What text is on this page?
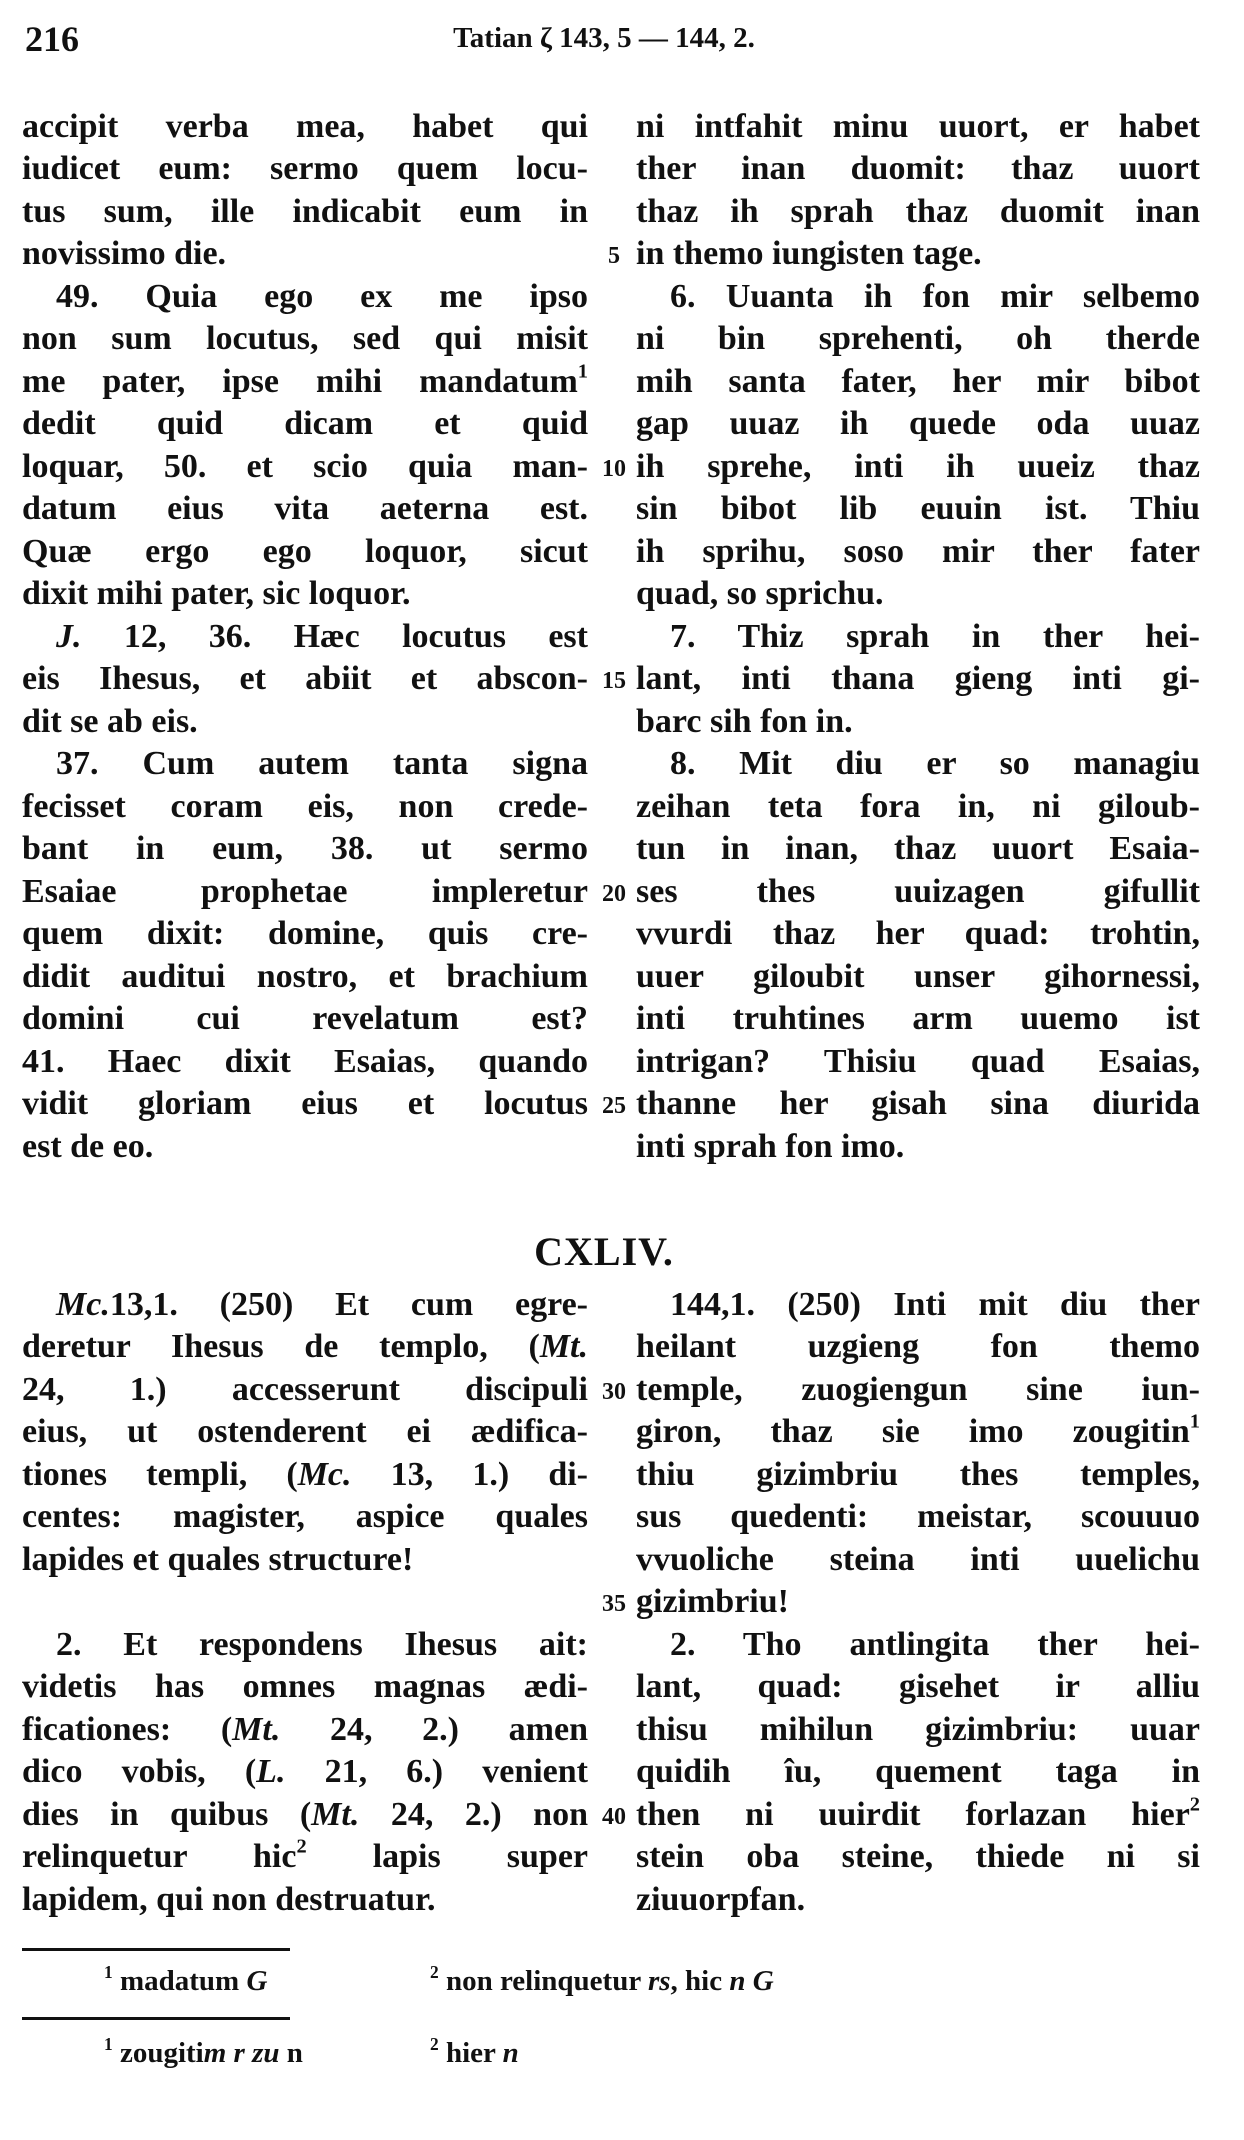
216	Tatian ζ 143, 5 — 144, 2.
CXLIV.
accipit verba mea, habet qui
iudicet eum: sermo quem locu-
tus sum, ille indicabit eum in
novissimo die.
49. Quia ego ex me ipso
non sum locutus, sed qui misit
me pater, ipse mihi mandatum$^1$
dedit quid dicam et quid
loquar, 50. et scio quia man-
datum eius vita aeterna est.
Quæ ergo ego loquor, sicut
dixit mihi pater, sic loquor.
J. 12, 36. Hæc locutus est
eis Ihesus, et abiit et abscon-
dit se ab eis.
37. Cum autem tanta signa
fecisset coram eis, non crede-
bant in eum, 38. ut sermo
Esaiae prophetae impleretur
quem dixit: domine, quis cre-
didit auditui nostro, et brachium
domini cui revelatum est?
41. Haec dixit Esaias, quando
vidit gloriam eius et locutus
est de eo.
ni intfahit minu uuort, er habet
ther inan duomit: thaz uuort
thaz ih sprah thaz duomit inan
in themo iungisten tage.
6. Uuanta ih fon mir selbemo
ni bin sprehenti, oh therde
mih santa fater, her mir bibot
gap uuaz ih quede oda uuaz
ih sprehe, inti ih uueiz thaz
sin bibot lib euuin ist. Thiu
ih sprihu, soso mir ther fater
quad, so sprichu.
7. Thiz sprah in ther hei-
lant, inti thana gieng inti gi-
barc sih fon in.
8. Mit diu er so managiu
zeihan teta fora in, ni giloub-
tun in inan, thaz uuort Esaia-
ses thes uuizagen gifullit
vvurdi thaz her quad: trohtin,
uuer giloubit unser gihornessi,
inti truhtines arm uuemo ist
intrigan? Thisiu quad Esaias,
thanne her gisah sina diurida
inti sprah fon imo.
5
10
15
20
25
Mc.13,1. (250) Et cum egre-
deretur Ihesus de templo, (Mt.
24, 1.) accesserunt discipuli
eius, ut ostenderent ei ædifica-
tiones templi, (Mc. 13, 1.) di-
centes: magister, aspice quales
lapides et quales structure!
2. Et respondens Ihesus ait:
videtis has omnes magnas ædi-
ficationes: (Mt. 24, 2.) amen
dico vobis, (L. 21, 6.) venient
dies in quibus (Mt. 24, 2.) non
relinquetur hic$^2$ lapis super
lapidem, qui non destruatur.
144,1. (250) Inti mit diu ther
heilant uzgieng fon themo
temple, zuogiengun sine iun-
giron, thaz sie imo zougitin$^1$
thiu gizimbriu thes temples,
sus quedenti: meistar, scouuuo
vvuoliche steina inti uuelichu
gizimbriu!
2. Tho antlingita ther hei-
lant, quad: gisehet ir alliu
thisu mihilun gizimbriu: uuar
quidih îu, quement taga in
then ni uuirdit forlazan hier$^2$
stein oba steine, thiede ni si
ziuuorpfan.
30
35
40
$^1$ madatum G	$^2$ non relinquetur rs, hic n G
$^1$ zougitim r zu n	$^2$ hier n
